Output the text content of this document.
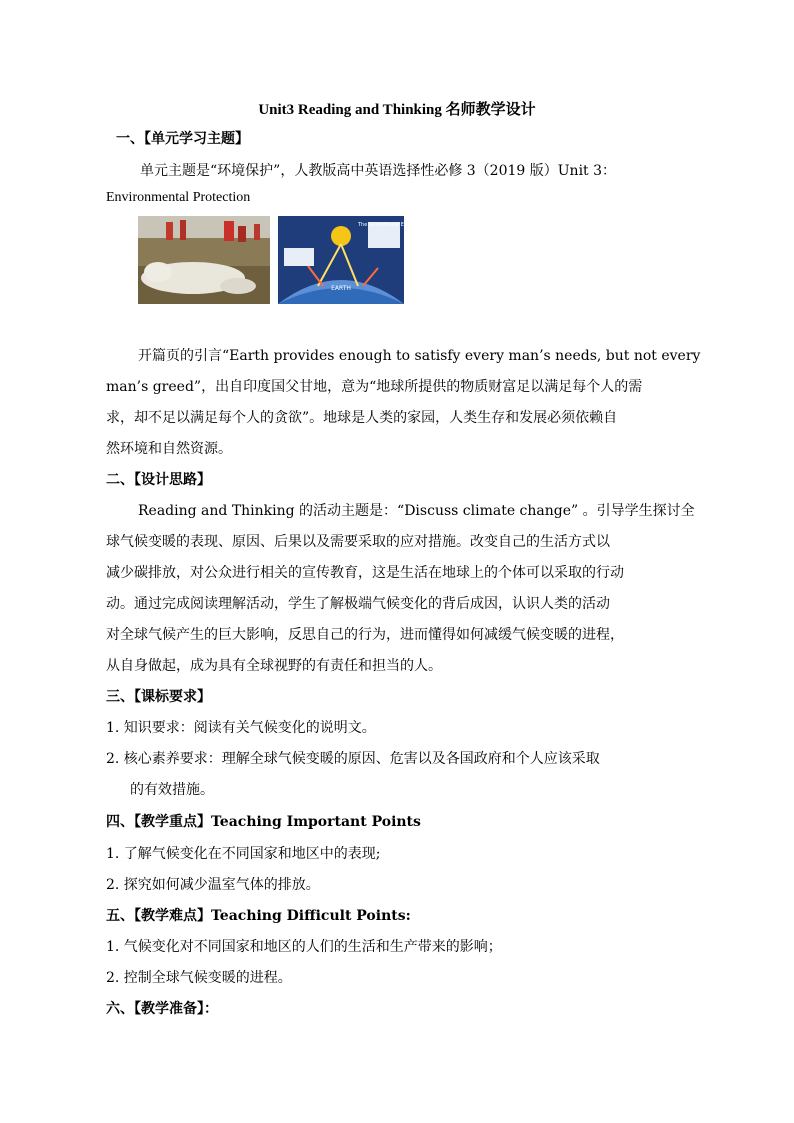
Unit3 Reading and Thinking 名师教学设计
一、【单元学习主题】
单元主题是“环境保护”，人教版高中英语选择性必修 3（2019 版）Unit 3：
Environmental Protection
The Greenhouse Effect
EARTH
开篇页的引言“Earth provides enough to satisfy every man’s needs, but not every
man’s greed”，出自印度国父甘地，意为“地球所提供的物质财富足以满足每个人的需
求，却不足以满足每个人的贪欲”。地球是人类的家园，人类生存和发展必须依赖自
然环境和自然资源。
二、【设计思路】
Reading and Thinking 的活动主题是：“Discuss climate change” 。引导学生探讨全
球气候变暖的表现、原因、后果以及需要采取的应对措施。改变自己的生活方式以
减少碳排放，对公众进行相关的宣传教育，这是生活在地球上的个体可以采取的行动
动。通过完成阅读理解活动，学生了解极端气候变化的背后成因，认识人类的活动
对全球气候产生的巨大影响，反思自己的行为，进而懂得如何减缓气候变暖的进程，
从自身做起，成为具有全球视野的有责任和担当的人。
三、【课标要求】
1. 知识要求：阅读有关气候变化的说明文。
2. 核心素养要求：理解全球气候变暖的原因、危害以及各国政府和个人应该采取
的有效措施。
四、【教学重点】Teaching Important Points
1. 了解气候变化在不同国家和地区中的表现;
2. 探究如何减少温室气体的排放。
五、【教学难点】Teaching Difficult Points:
1. 气候变化对不同国家和地区的人们的生活和生产带来的影响；
2. 控制全球气候变暖的进程。
六、【教学准备】：
